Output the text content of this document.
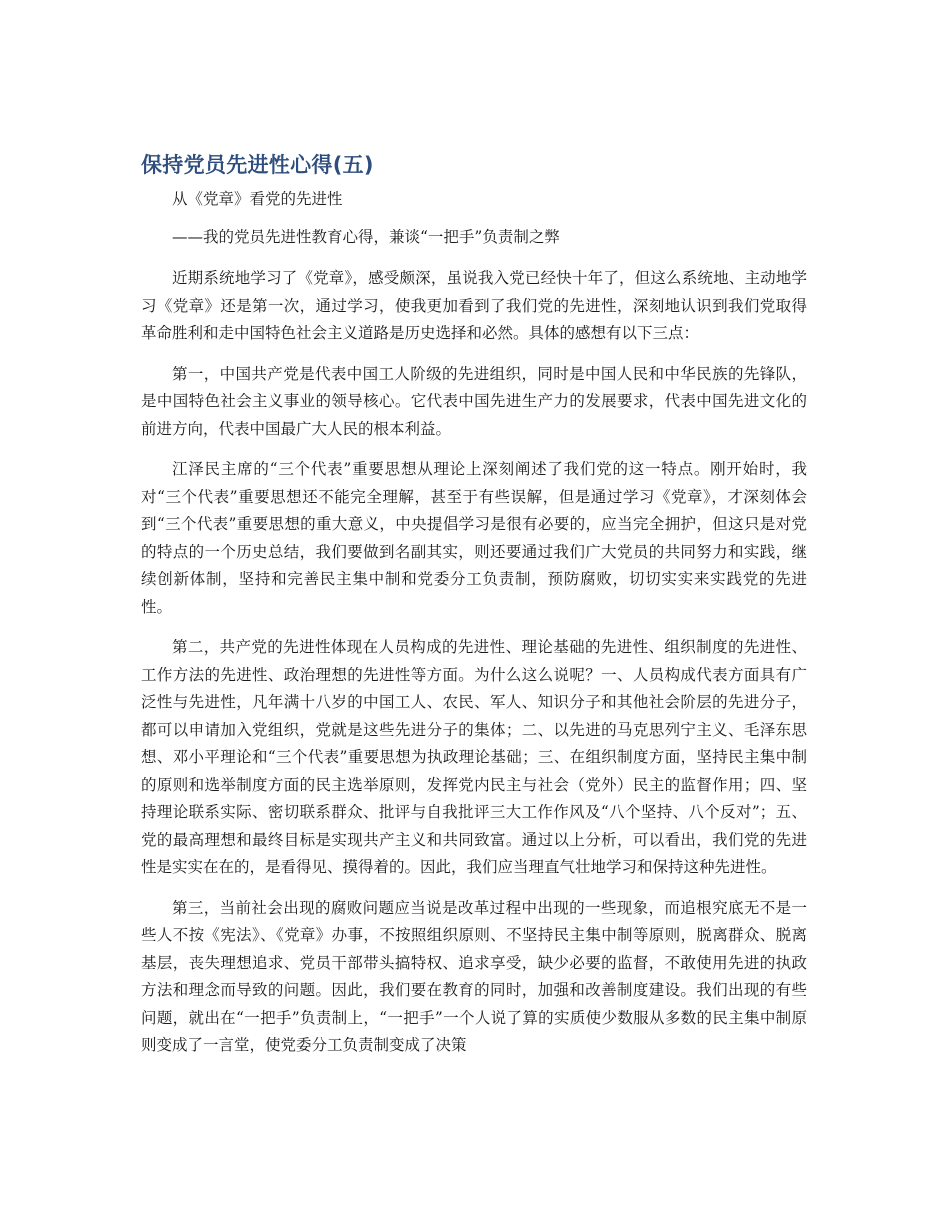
保持党员先进性心得(五)

从《党章》看党的先进性

——我的党员先进性教育心得，兼谈“一把手”负责制之弊

近期系统地学习了《党章》，感受颇深，虽说我入党已经快十年了，但这么系统地、主动地学习《党章》还是第一次，通过学习，使我更加看到了我们党的先进性，深刻地认识到我们党取得革命胜利和走中国特色社会主义道路是历史选择和必然。具体的感想有以下三点：

第一，中国共产党是代表中国工人阶级的先进组织，同时是中国人民和中华民族的先锋队，是中国特色社会主义事业的领导核心。它代表中国先进生产力的发展要求，代表中国先进文化的前进方向，代表中国最广大人民的根本利益。

江泽民主席的“三个代表”重要思想从理论上深刻阐述了我们党的这一特点。刚开始时，我对“三个代表”重要思想还不能完全理解，甚至于有些误解，但是通过学习《党章》，才深刻体会到“三个代表”重要思想的重大意义，中央提倡学习是很有必要的，应当完全拥护，但这只是对党的特点的一个历史总结，我们要做到名副其实，则还要通过我们广大党员的共同努力和实践，继续创新体制，坚持和完善民主集中制和党委分工负责制，预防腐败，切切实实来实践党的先进性。

第二，共产党的先进性体现在人员构成的先进性、理论基础的先进性、组织制度的先进性、工作方法的先进性、政治理想的先进性等方面。为什么这么说呢？一、人员构成代表方面具有广泛性与先进性，凡年满十八岁的中国工人、农民、军人、知识分子和其他社会阶层的先进分子，都可以申请加入党组织，党就是这些先进分子的集体；二、以先进的马克思列宁主义、毛泽东思想、邓小平理论和“三个代表”重要思想为执政理论基础；三、在组织制度方面，坚持民主集中制的原则和选举制度方面的民主选举原则，发挥党内民主与社会（党外）民主的监督作用；四、坚持理论联系实际、密切联系群众、批评与自我批评三大工作作风及“八个坚持、八个反对”；五、党的最高理想和最终目标是实现共产主义和共同致富。通过以上分析，可以看出，我们党的先进性是实实在在的，是看得见、摸得着的。因此，我们应当理直气壮地学习和保持这种先进性。

第三，当前社会出现的腐败问题应当说是改革过程中出现的一些现象，而追根究底无不是一些人不按《宪法》、《党章》办事，不按照组织原则、不坚持民主集中制等原则，脱离群众、脱离基层，丧失理想追求、党员干部带头搞特权、追求享受，缺少必要的监督，不敢使用先进的执政方法和理念而导致的问题。因此，我们要在教育的同时，加强和改善制度建设。我们出现的有些问题，就出在“一把手”负责制上，“一把手”一个人说了算的实质使少数服从多数的民主集中制原则变成了一言堂，使党委分工负责制变成了决策
